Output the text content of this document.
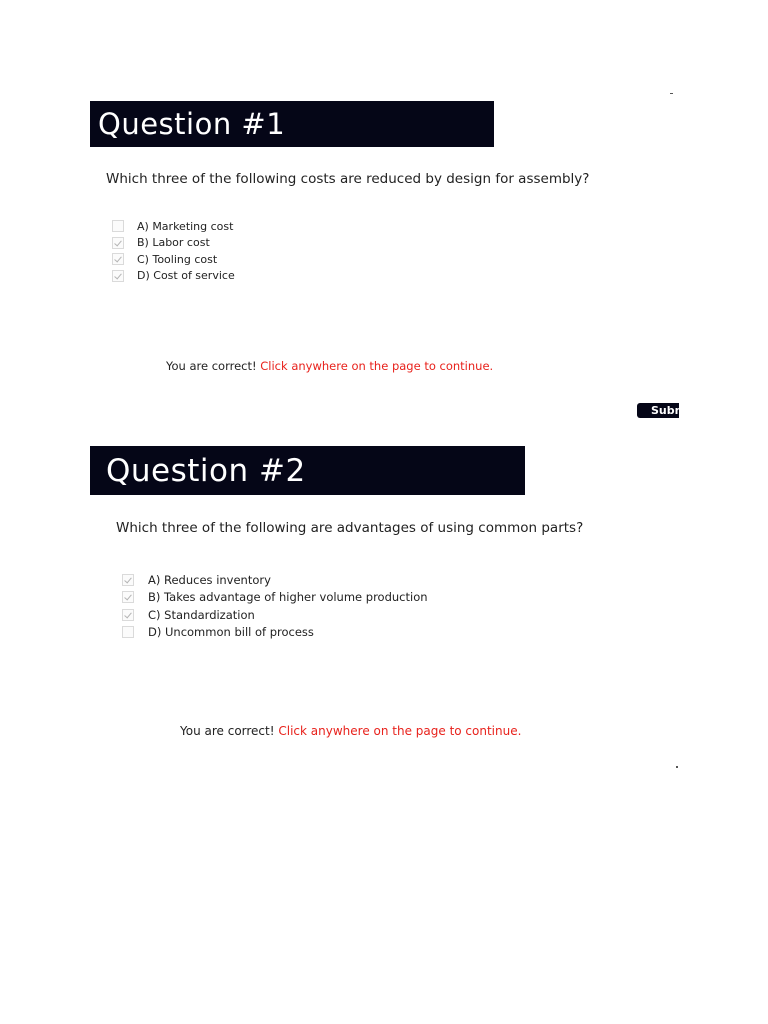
Question #1
Which three of the following costs are reduced by design for assembly?
A) Marketing cost
B) Labor cost
C) Tooling cost
D) Cost of service
You are correct! Click anywhere on the page to continue.
Subm
Question #2
Which three of the following are advantages of using common parts?
A) Reduces inventory
B) Takes advantage of higher volume production
C) Standardization
D) Uncommon bill of process
You are correct! Click anywhere on the page to continue.
